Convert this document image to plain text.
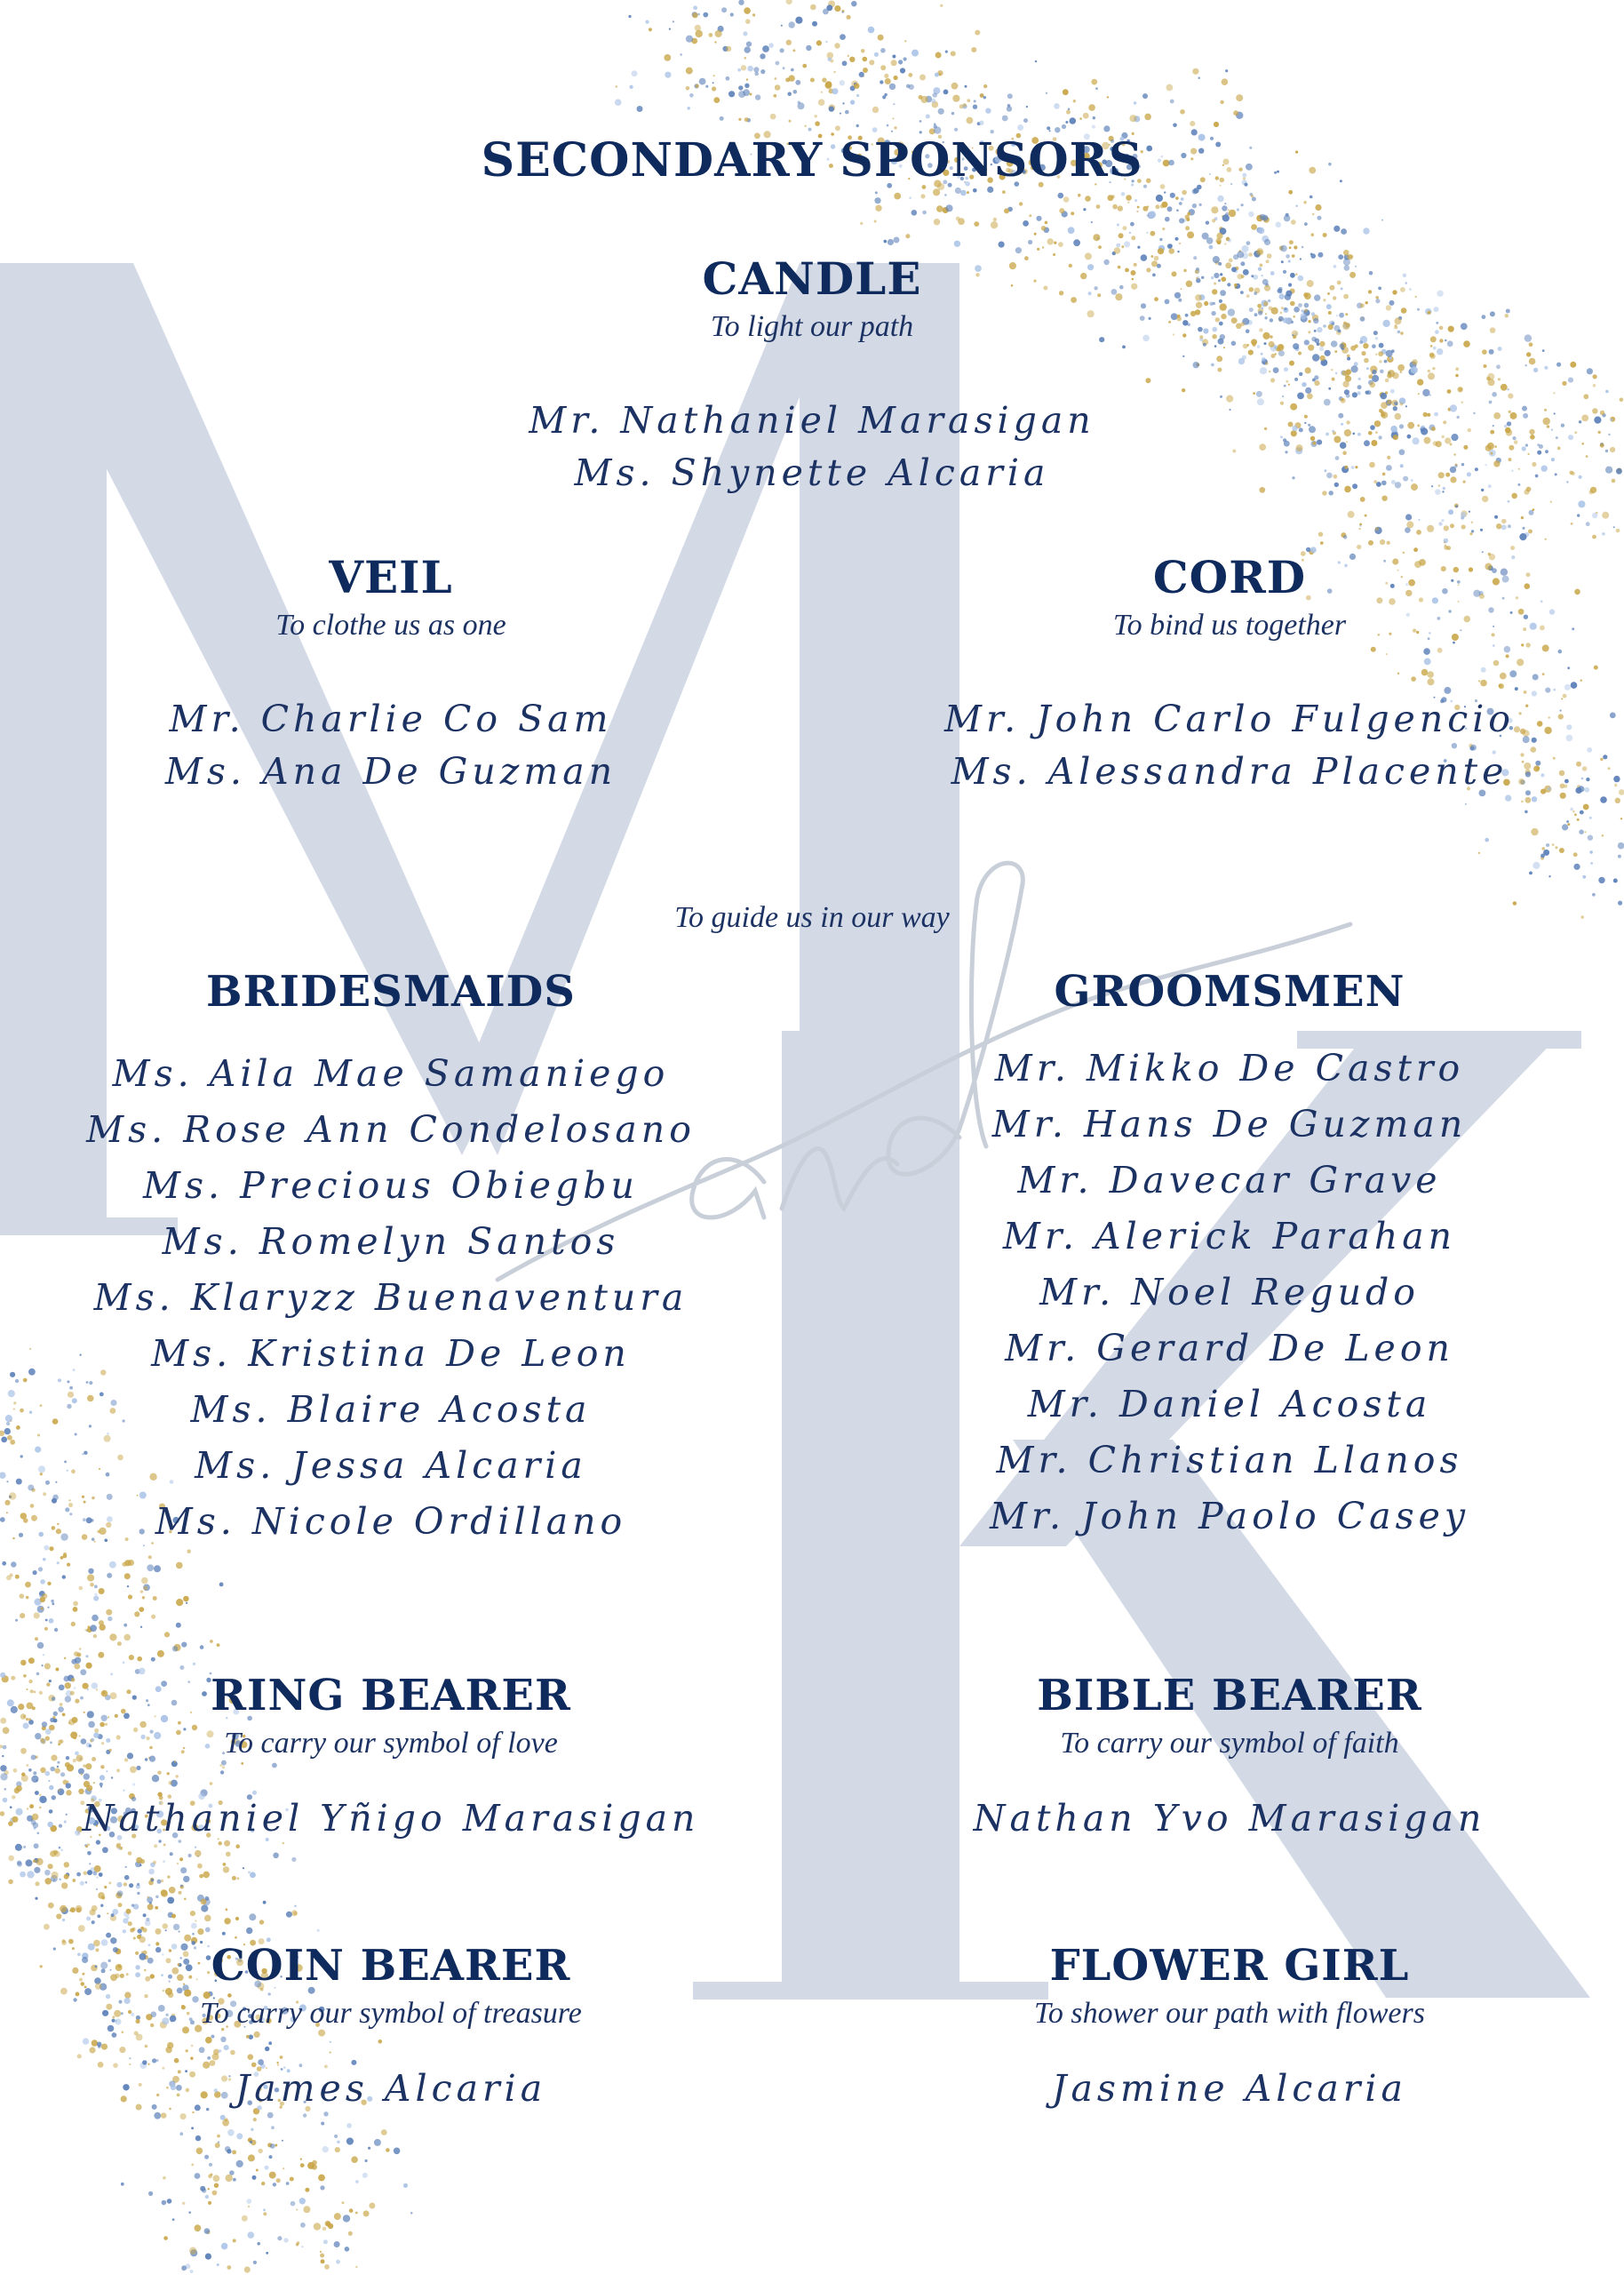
SECONDARY SPONSORS

CANDLE

To light our path

Mr. Nathaniel Marasigan
Ms. Shynette Alcaria

VEIL

To clothe us as one

Mr. Charlie Co Sam
Ms. Ana De Guzman

CORD

To bind us together

Mr. John Carlo Fulgencio
Ms. Alessandra Placente

To guide us in our way

BRIDESMAIDS

Ms. Aila Mae Samaniego
Ms. Rose Ann Condelosano
Ms. Precious Obiegbu
Ms. Romelyn Santos
Ms. Klaryzz Buenaventura
Ms. Kristina De Leon
Ms. Blaire Acosta
Ms. Jessa Alcaria
Ms. Nicole Ordillano

GROOMSMEN

Mr. Mikko De Castro
Mr. Hans De Guzman
Mr. Davecar Grave
Mr. Alerick Parahan
Mr. Noel Regudo
Mr. Gerard De Leon
Mr. Daniel Acosta
Mr. Christian Llanos
Mr. John Paolo Casey

RING BEARER

To carry our symbol of love

Nathaniel Yñigo Marasigan

BIBLE BEARER

To carry our symbol of faith

Nathan Yvo Marasigan

COIN BEARER

To carry our symbol of treasure

James Alcaria

FLOWER GIRL

To shower our path with flowers

Jasmine Alcaria
